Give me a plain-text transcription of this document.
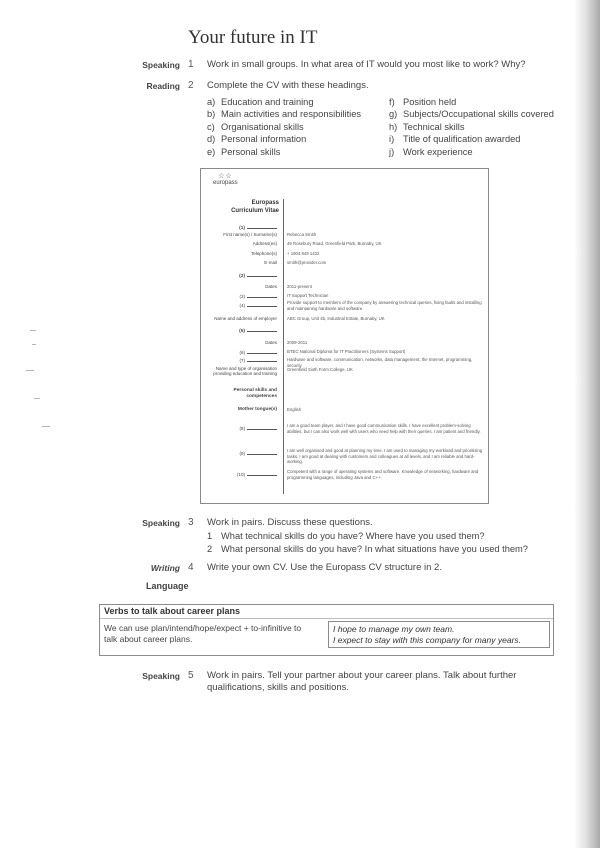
Your future in IT
Speaking 1	Work in small groups. In what area of IT would you most like to work? Why?
Reading 2	Complete the CV with these headings.
a) Education and training
b) Main activities and responsibilities
c) Organisational skills
d) Personal information
e) Personal skills
f) Position held
g) Subjects/Occupational skills covered
h) Technical skills
i) Title of qualification awarded
j) Work experience
☆☆
europass
Europass
Curriculum Vitae
(1)
First name(s) / Surname(s) Rebecca Smith
Address(es) 49 Rosebury Road, Greenfield Park, Burnaby, UK
Telephone(s) + 1904 849 1432
E-mail smith@provider.com
(2)
Dates 2011-present
(3)	IT Support Technician
(4)
Provide support to members of the company by answering technical queries, fixing faults and installing and maintaining hardware and software.
Name and address of employer ABC Group, Unit 4b, Industrial Estate, Burnaby, UK
(5)
Dates 2009-2011
(6)	BTEC National Diploma for IT Practitioners (Systems Support)
(7)	Hardware and software, communication, networks, data management, the Internet, programming, security
Name and type of organisation providing education and training
Greenfield Sixth Form College, UK
Personal skills and competences
Mother tongue(s) English
(8)
I am a good team player, and I have good communication skills. I have excellent problem-solving abilities, but I can also work well with users who need help with their queries. I am patient and friendly.
(9)
I am well organised and good at planning my time. I am used to managing my workload and prioritising tasks. I am good at dealing with customers and colleagues at all levels, and I am reliable and hard-working.
(10)
Competent with a range of operating systems and software. Knowledge of networking, hardware and programming languages, including Java and C++.
Speaking 3	Work in pairs. Discuss these questions.
1 What technical skills do you have? Where have you used them?
2 What personal skills do you have? In what situations have you used them?
Writing 4	Write your own CV. Use the Europass CV structure in 2.
Language
Verbs to talk about career plans
We can use plan/intend/hope/expect + to-infinitive to
talk about career plans.
I hope to manage my own team.
I expect to stay with this company for many years.
Speaking 5	Work in pairs. Tell your partner about your career plans. Talk about further
qualifications, skills and positions.
